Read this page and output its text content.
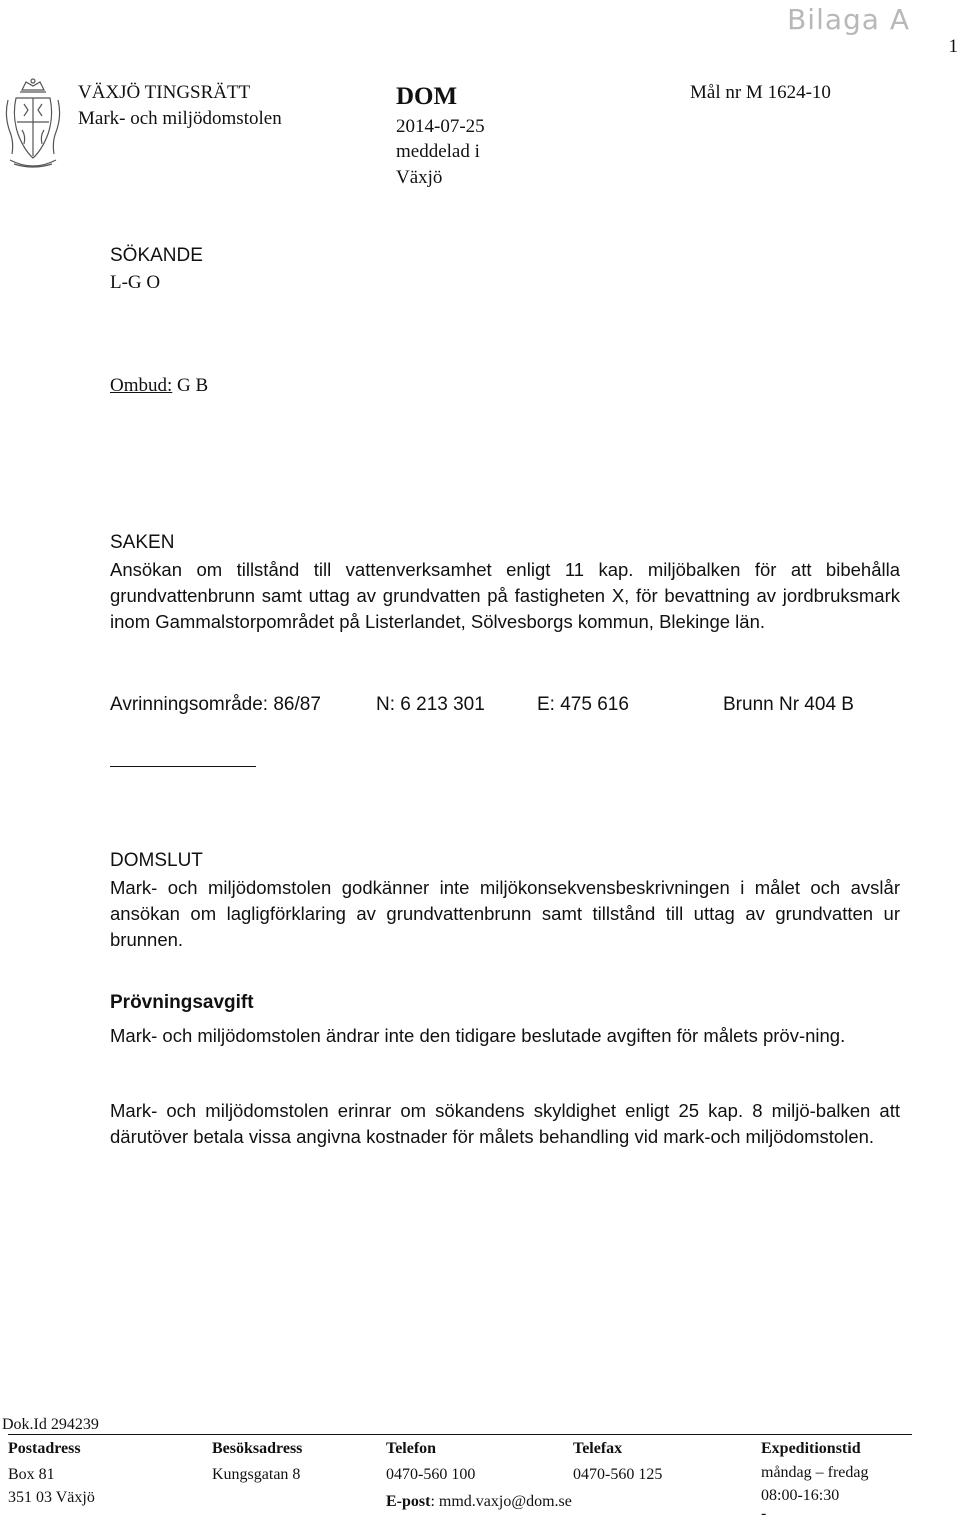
Bilaga A
1
VÄXJÖ TINGSRÄTT
Mark- och miljödomstolen
DOM
2014-07-25
meddelad i
Växjö
Mål nr M 1624-10
SÖKANDE
L-G O
Ombud: G B
SAKEN
Ansökan om tillstånd till vattenverksamhet enligt 11 kap. miljöbalken för att bibehålla grundvattenbrunn samt uttag av grundvatten på fastigheten X, för bevattning av jordbruksmark inom Gammalstorpområdet på Listerlandet, Sölvesborgs kommun, Blekinge län.
Avrinningsområde: 86/87	N: 6 213 301	E: 475 616	Brunn Nr 404 B
DOMSLUT
Mark- och miljödomstolen godkänner inte miljökonsekvensbeskrivningen i målet och avslår ansökan om lagligförklaring av grundvattenbrunn samt tillstånd till uttag av grundvatten ur brunnen.
Prövningsavgift
Mark- och miljödomstolen ändrar inte den tidigare beslutade avgiften för målets pröv-ning.
Mark- och miljödomstolen erinrar om sökandens skyldighet enligt 25 kap. 8 miljö-balken att därutöver betala vissa angivna kostnader för målets behandling vid mark-och miljödomstolen.
Dok.Id 294239
Postadress
Box 81
351 03 Växjö
Besöksadress
Kungsgatan 8
Telefon
0470-560 100
E-post: mmd.vaxjo@dom.se
Telefax
0470-560 125
Expeditionstid
måndag – fredag
08:00-16:30
-
